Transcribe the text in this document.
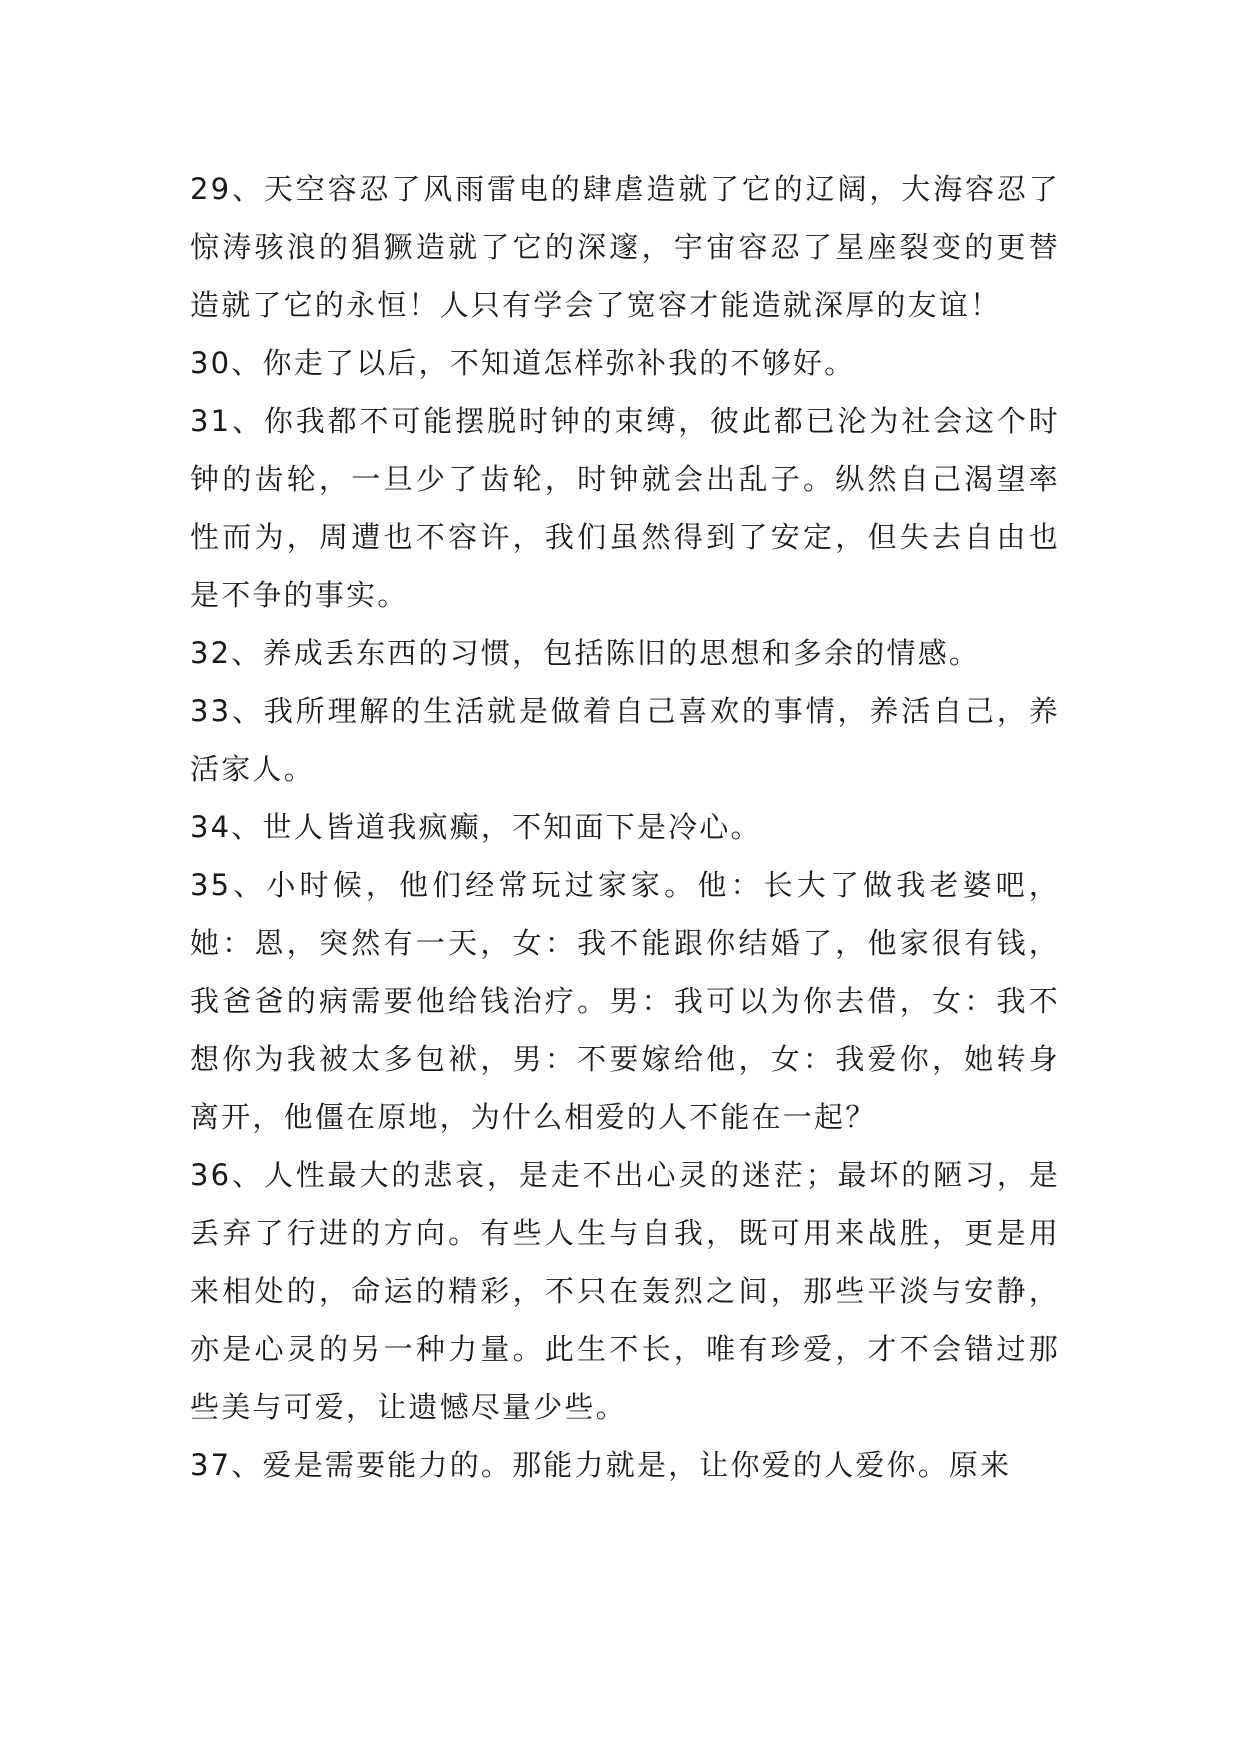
29、天空容忍了风雨雷电的肆虐造就了它的辽阔，大海容忍了惊涛骇浪的猖獗造就了它的深邃，宇宙容忍了星座裂变的更替造就了它的永恒！人只有学会了宽容才能造就深厚的友谊！

30、你走了以后，不知道怎样弥补我的不够好。

31、你我都不可能摆脱时钟的束缚，彼此都已沦为社会这个时钟的齿轮，一旦少了齿轮，时钟就会出乱子。纵然自己渴望率性而为，周遭也不容许，我们虽然得到了安定，但失去自由也是不争的事实。

32、养成丢东西的习惯，包括陈旧的思想和多余的情感。

33、我所理解的生活就是做着自己喜欢的事情，养活自己，养活家人。

34、世人皆道我疯癫，不知面下是冷心。

35、小时候，他们经常玩过家家。他：长大了做我老婆吧，她：恩，突然有一天，女：我不能跟你结婚了，他家很有钱，我爸爸的病需要他给钱治疗。男：我可以为你去借，女：我不想你为我被太多包袱，男：不要嫁给他，女：我爱你，她转身离开，他僵在原地，为什么相爱的人不能在一起？

36、人性最大的悲哀，是走不出心灵的迷茫；最坏的陋习，是丢弃了行进的方向。有些人生与自我，既可用来战胜，更是用来相处的，命运的精彩，不只在轰烈之间，那些平淡与安静，亦是心灵的另一种力量。此生不长，唯有珍爱，才不会错过那些美与可爱，让遗憾尽量少些。

37、爱是需要能力的。那能力就是，让你爱的人爱你。原来
